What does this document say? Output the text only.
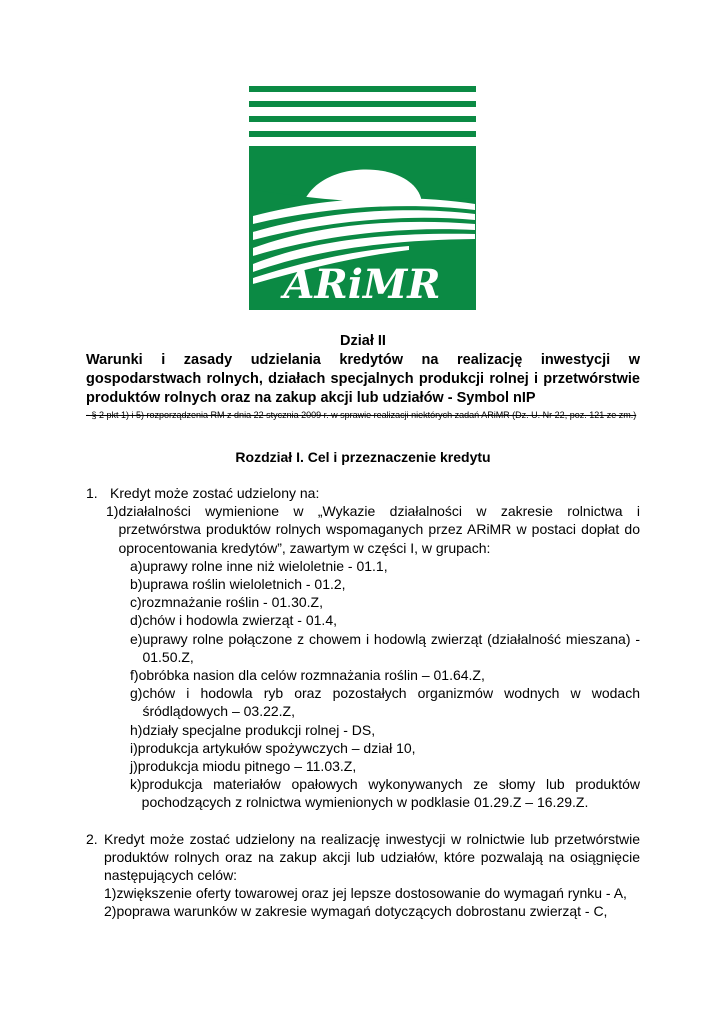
ARiMR
Dział II
Warunki i zasady udzielania kredytów na realizację inwestycji w gospodarstwach rolnych, działach specjalnych produkcji rolnej i przetwórstwie produktów rolnych oraz na zakup akcji lub udziałów - Symbol nIP
- § 2 pkt 1) i 5) rozporządzenia RM z dnia 22 stycznia 2009 r. w sprawie realizacji niektórych zadań ARiMR (Dz. U. Nr 22, poz. 121 ze zm.)
Rozdział I. Cel i przeznaczenie kredytu
1. Kredyt może zostać udzielony na:
1) działalności wymienione w „Wykazie działalności w zakresie rolnictwa i przetwórstwa produktów rolnych wspomaganych przez ARiMR w postaci dopłat do oprocentowania kredytów”, zawartym w części I, w grupach:
a) uprawy rolne inne niż wieloletnie - 01.1,
b) uprawa roślin wieloletnich - 01.2,
c) rozmnażanie roślin - 01.30.Z,
d) chów i hodowla zwierząt - 01.4,
e) uprawy rolne połączone z chowem i hodowlą zwierząt (działalność mieszana) - 01.50.Z,
f) obróbka nasion dla celów rozmnażania roślin – 01.64.Z,
g) chów i hodowla ryb oraz pozostałych organizmów wodnych w wodach śródlądowych – 03.22.Z,
h) działy specjalne produkcji rolnej - DS,
i) produkcja artykułów spożywczych – dział 10,
j) produkcja miodu pitnego – 11.03.Z,
k) produkcja materiałów opałowych wykonywanych ze słomy lub produktów pochodzących z rolnictwa wymienionych w podklasie 01.29.Z – 16.29.Z.
2. Kredyt może zostać udzielony na realizację inwestycji w rolnictwie lub przetwórstwie produktów rolnych oraz na zakup akcji lub udziałów, które pozwalają na osiągnięcie następujących celów:
1) zwiększenie oferty towarowej oraz jej lepsze dostosowanie do wymagań rynku - A,
2) poprawa warunków w zakresie wymagań dotyczących dobrostanu zwierząt - C,
